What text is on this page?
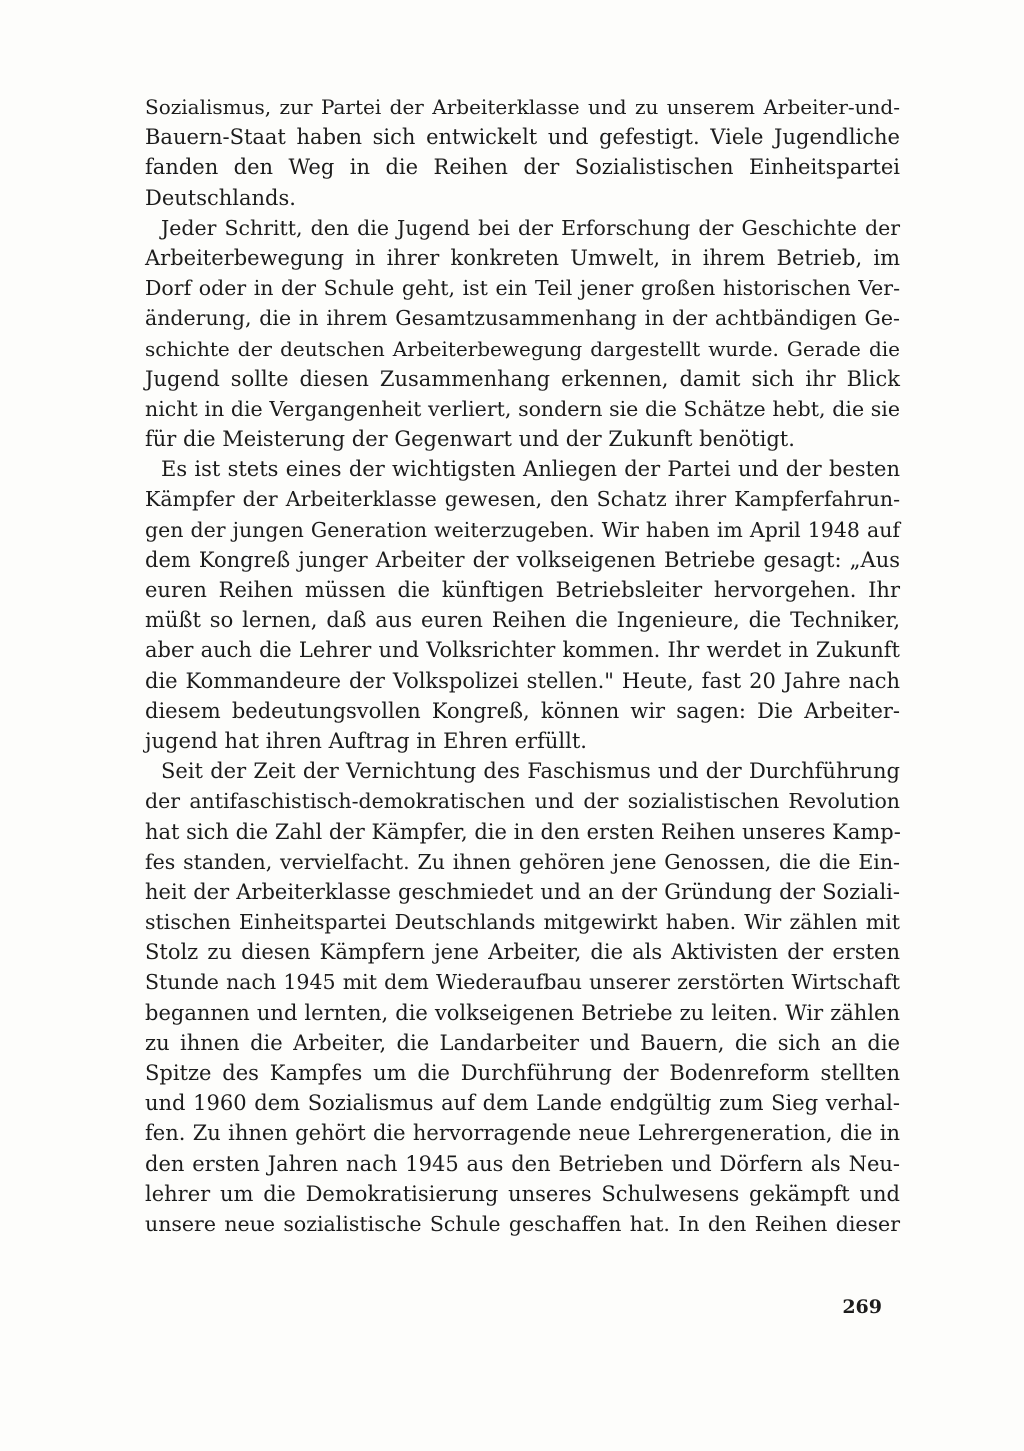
Sozialismus, zur Partei der Arbeiterklasse und zu unserem Arbeiter-und-
Bauern-Staat haben sich entwickelt und gefestigt. Viele Jugendliche
fanden den Weg in die Reihen der Sozialistischen Einheitspartei
Deutschlands.
Jeder Schritt, den die Jugend bei der Erforschung der Geschichte der
Arbeiterbewegung in ihrer konkreten Umwelt, in ihrem Betrieb, im
Dorf oder in der Schule geht, ist ein Teil jener großen historischen Ver-
änderung, die in ihrem Gesamtzusammenhang in der achtbändigen Ge-
schichte der deutschen Arbeiterbewegung dargestellt wurde. Gerade die
Jugend sollte diesen Zusammenhang erkennen, damit sich ihr Blick
nicht in die Vergangenheit verliert, sondern sie die Schätze hebt, die sie
für die Meisterung der Gegenwart und der Zukunft benötigt.
Es ist stets eines der wichtigsten Anliegen der Partei und der besten
Kämpfer der Arbeiterklasse gewesen, den Schatz ihrer Kampferfahrun-
gen der jungen Generation weiterzugeben. Wir haben im April 1948 auf
dem Kongreß junger Arbeiter der volkseigenen Betriebe gesagt: „Aus
euren Reihen müssen die künftigen Betriebsleiter hervorgehen. Ihr
müßt so lernen, daß aus euren Reihen die Ingenieure, die Techniker,
aber auch die Lehrer und Volksrichter kommen. Ihr werdet in Zukunft
die Kommandeure der Volkspolizei stellen." Heute, fast 20 Jahre nach
diesem bedeutungsvollen Kongreß, können wir sagen: Die Arbeiter-
jugend hat ihren Auftrag in Ehren erfüllt.
Seit der Zeit der Vernichtung des Faschismus und der Durchführung
der antifaschistisch-demokratischen und der sozialistischen Revolution
hat sich die Zahl der Kämpfer, die in den ersten Reihen unseres Kamp-
fes standen, vervielfacht. Zu ihnen gehören jene Genossen, die die Ein-
heit der Arbeiterklasse geschmiedet und an der Gründung der Soziali-
stischen Einheitspartei Deutschlands mitgewirkt haben. Wir zählen mit
Stolz zu diesen Kämpfern jene Arbeiter, die als Aktivisten der ersten
Stunde nach 1945 mit dem Wiederaufbau unserer zerstörten Wirtschaft
begannen und lernten, die volkseigenen Betriebe zu leiten. Wir zählen
zu ihnen die Arbeiter, die Landarbeiter und Bauern, die sich an die
Spitze des Kampfes um die Durchführung der Bodenreform stellten
und 1960 dem Sozialismus auf dem Lande endgültig zum Sieg verhal-
fen. Zu ihnen gehört die hervorragende neue Lehrergeneration, die in
den ersten Jahren nach 1945 aus den Betrieben und Dörfern als Neu-
lehrer um die Demokratisierung unseres Schulwesens gekämpft und
unsere neue sozialistische Schule geschaffen hat. In den Reihen dieser
269
